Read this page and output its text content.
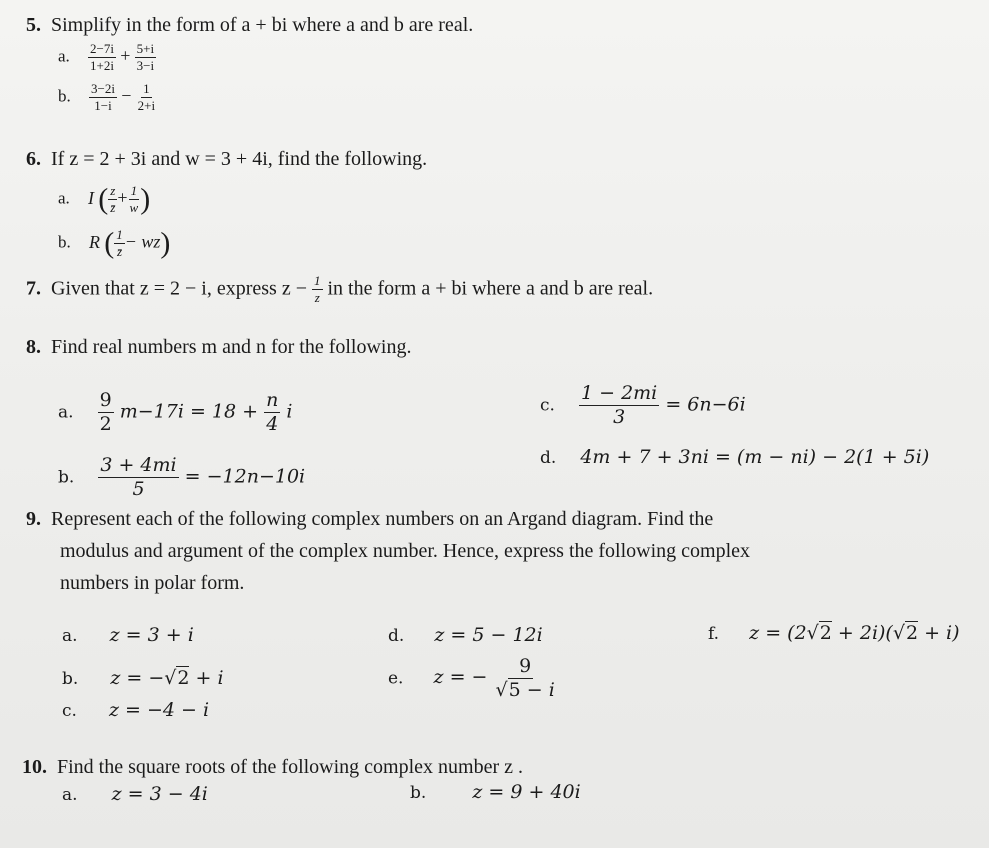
5. Simplify in the form of a + bi where a and b are real.
a. $\frac{2-7i}{1+2i} + \frac{5+i}{3-i}$
b. $\frac{3-2i}{1-i} - \frac{1}{2+i}$
6. If z = 2 + 3i and w = 3 + 4i, find the following.
a. I ( $\frac{z}{z̄} + \frac{1}{w}$ )
b. R ( $\frac{1}{z̄} - wz$)
7. Given that z = 2 − i, express $z - \frac{1}{z}$ in the form a + bi where a and b are real.
8. Find real numbers m and n for the following.
a. $\frac{9}{2} m-17i = 18 + \frac{n}{4}$ i	c. $\frac{1 - 2mi}{3} = 6n-6i$
b. $\frac{3 + 4mi}{5} = -12n-10i$
d. 4m + 7 + 3ni = (m − ni) − 2(1 + 5i)
9. Represent each of the following complex numbers on an Argand diagram. Find the
modulus and argument of the complex number. Hence, express the following complex
numbers in polar form.
a. z = 3 + i
b. z = −√2 + i
c. z = −4 − i
d. z = 5 − 12i
e. z = − $\frac{9}{√5 - i}$
f. z = (2√2 + 2i)(√2 + i)
10. Find the square roots of the following complex number z .
a. z = 3 − 4i	b. z = 9 + 40i
